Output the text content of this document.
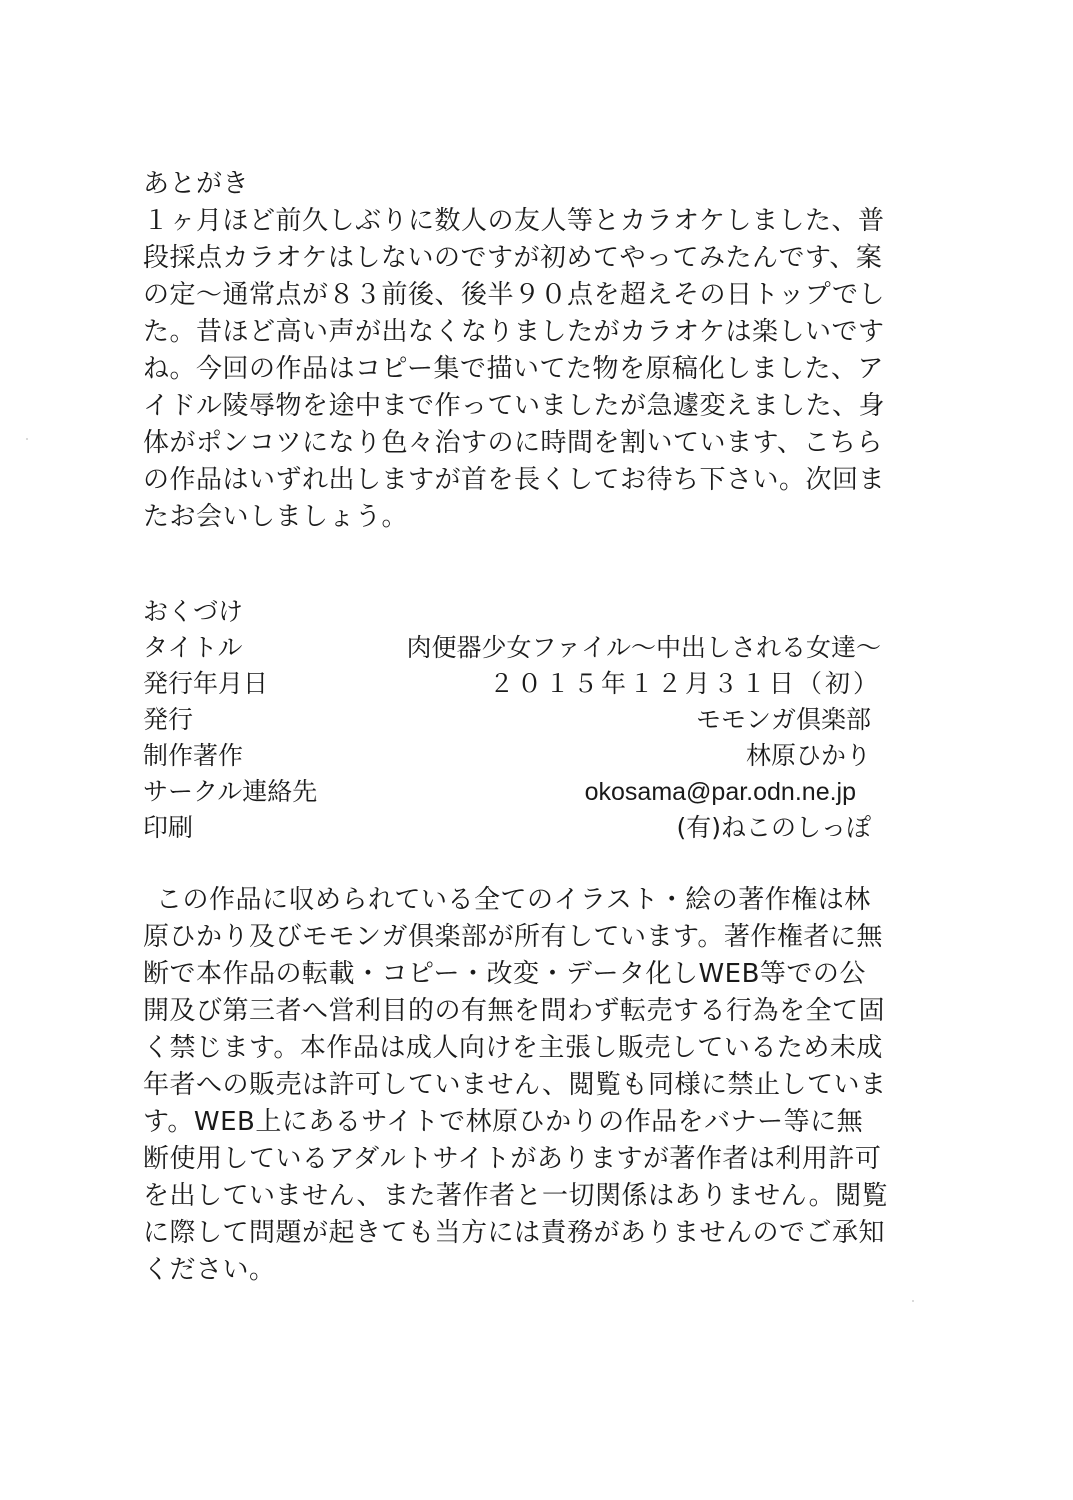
あとがき
１ヶ月ほど前久しぶりに数人の友人等とカラオケしました、普
段採点カラオケはしないのですが初めてやってみたんです、案
の定～通常点が８３前後、後半９０点を超えその日トップでし
た。昔ほど高い声が出なくなりましたがカラオケは楽しいです
ね。今回の作品はコピー集で描いてた物を原稿化しました、ア
イドル陵辱物を途中まで作っていましたが急遽変えました、身
体がポンコツになり色々治すのに時間を割いています、こちら
の作品はいずれ出しますが首を長くしてお待ち下さい。次回ま
たお会いしましょう。
おくづけ
タイトル	肉便器少女ファイル～中出しされる女達～
発行年月日	２０１５年１２月３１日（初）
発行	モモンガ倶楽部
制作著作	林原ひかり
サークル連絡先	okosama@par.odn.ne.jp
印刷	(有)ねこのしっぽ
この作品に収められている全てのイラスト・絵の著作権は林
原ひかり及びモモンガ倶楽部が所有しています。著作権者に無
断で本作品の転載・コピー・改変・データ化しWEB等での公
開及び第三者へ営利目的の有無を問わず転売する行為を全て固
く禁じます。本作品は成人向けを主張し販売しているため未成
年者への販売は許可していません、閲覧も同様に禁止していま
す。WEB上にあるサイトで林原ひかりの作品をバナー等に無
断使用しているアダルトサイトがありますが著作者は利用許可
を出していません、また著作者と一切関係はありません。閲覧
に際して問題が起きても当方には責務がありませんのでご承知
ください。
